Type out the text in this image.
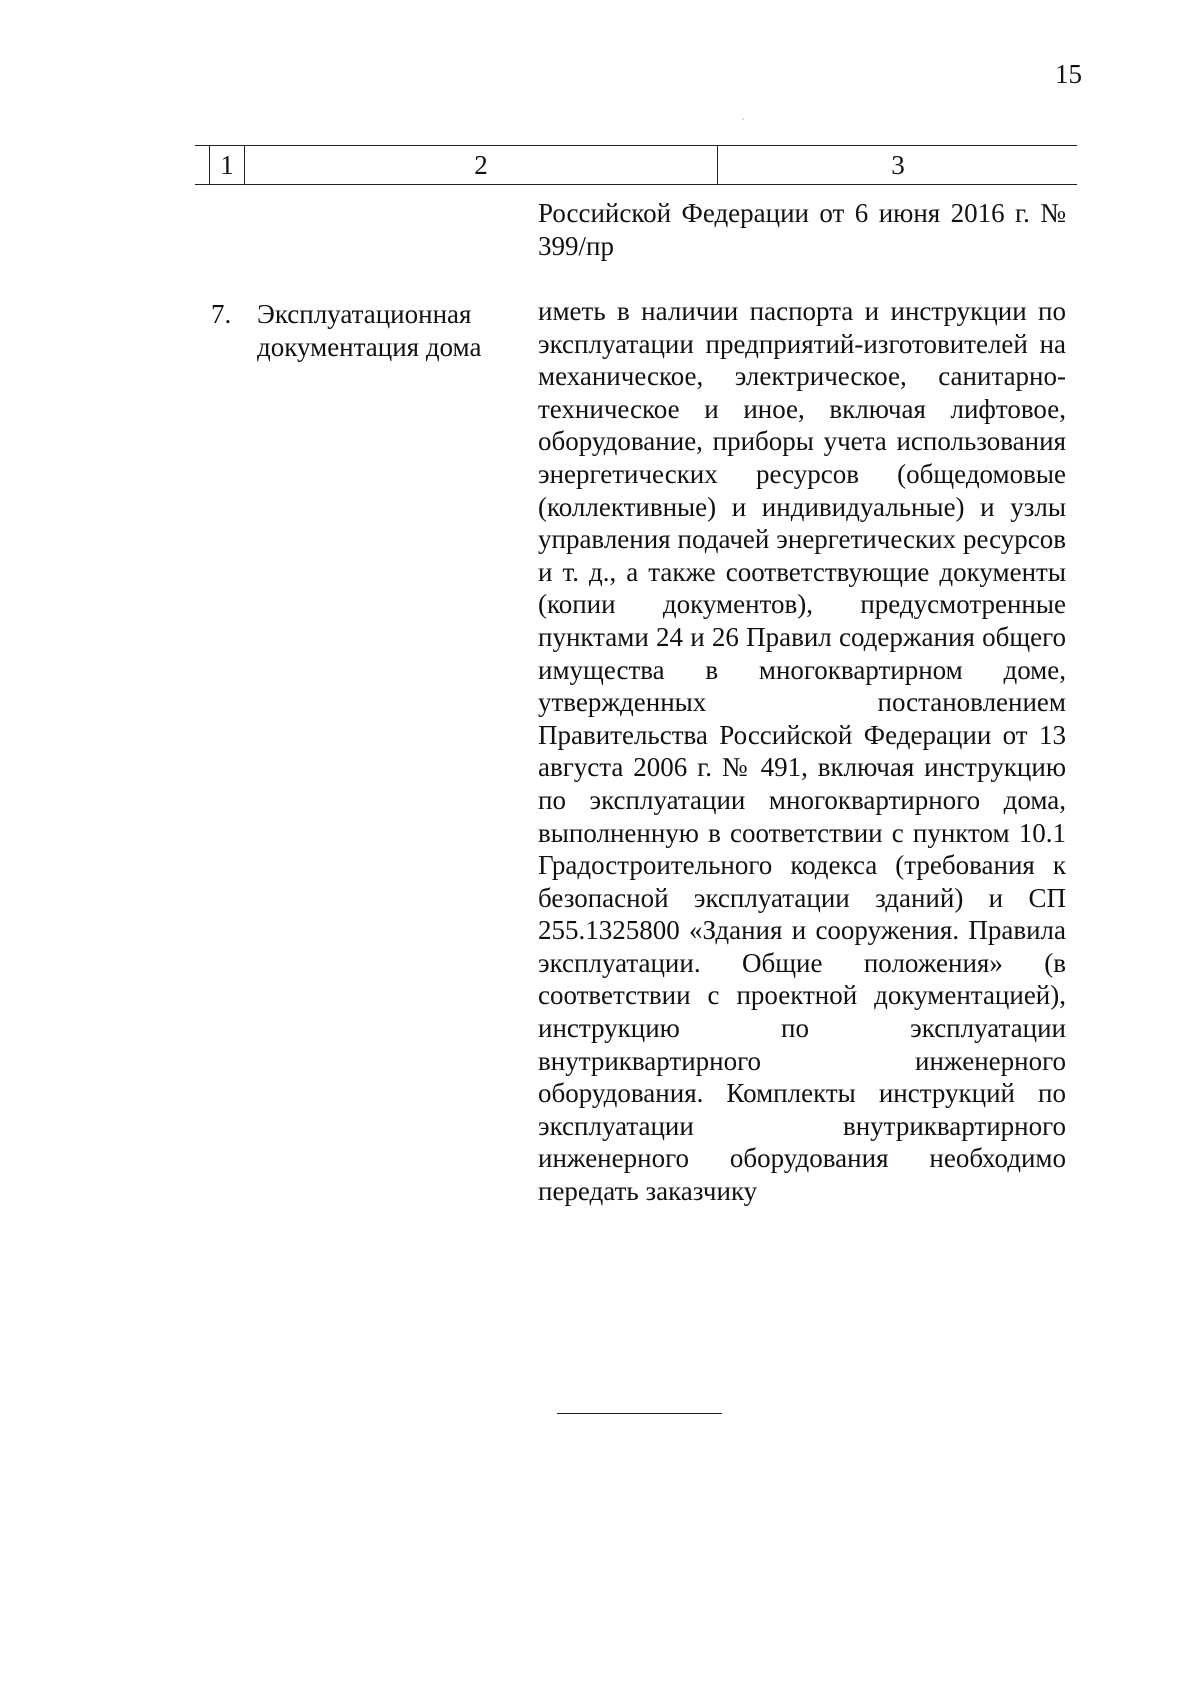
15
1	2	3
Российской Федерации от 6 июня 2016 г. № 399/пр
7. Эксплуатационная документация дома
иметь в наличии паспорта и инструкции по эксплуатации предприятий-изготовителей на механическое, электрическое, санитарно-техническое и иное, включая лифтовое, оборудование, приборы учета использования энергетических ресурсов (общедомовые (коллективные) и индивидуальные) и узлы управления подачей энергетических ресурсов и т. д., а также соответствующие документы (копии документов), предусмотренные пунктами 24 и 26 Правил содержания общего имущества в многоквартирном доме, утвержденных постановлением Правительства Российской Федерации от 13 августа 2006 г. № 491, включая инструкцию по эксплуатации многоквартирного дома, выполненную в соответствии с пунктом 10.1 Градостроительного кодекса (требования к безопасной эксплуатации зданий) и СП 255.1325800 «Здания и сооружения. Правила эксплуатации. Общие положения» (в соответствии с проектной документацией), инструкцию по эксплуатации внутриквартирного инженерного оборудования. Комплекты инструкций по эксплуатации внутриквартирного инженерного оборудования необходимо передать заказчику
